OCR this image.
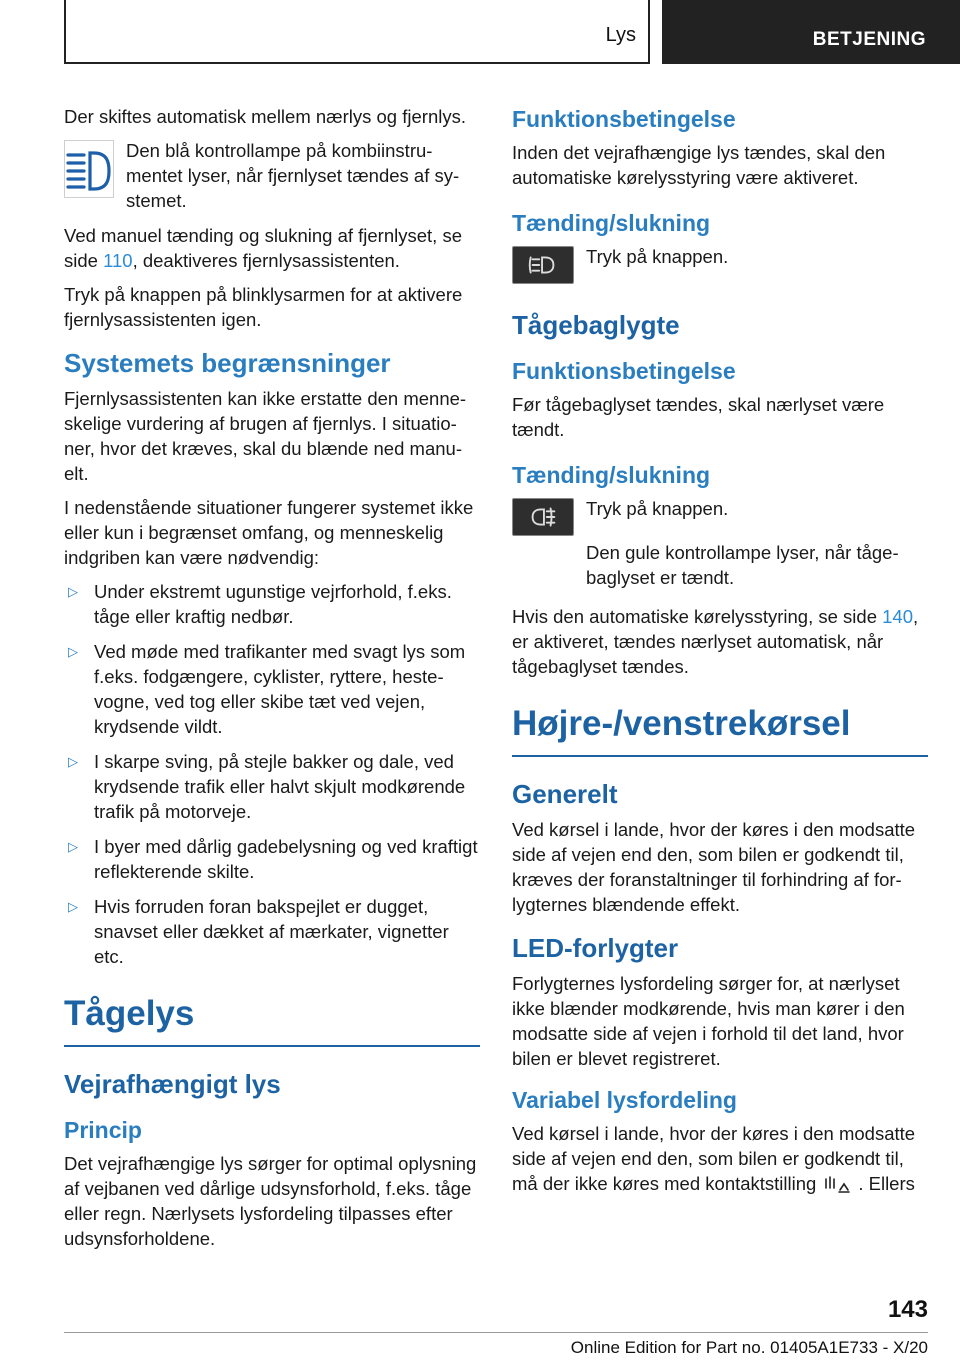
Lys	BETJENING

Der skiftes automatisk mellem nærlys og fjernlys.

Den blå kontrollampe på kombiinstrumentet lyser, når fjernlyset tændes af systemet.

Ved manuel tænding og slukning af fjernlyset, se side 110, deaktiveres fjernlysassistenten.

Tryk på knappen på blinklysarmen for at aktivere fjernlysassistenten igen.

Systemets begrænsninger

Fjernlysassistenten kan ikke erstatte den menneskelige vurdering af brugen af fjernlys. I situationer, hvor det kræves, skal du blænde ned manuelt.

I nedenstående situationer fungerer systemet ikke eller kun i begrænset omfang, og menneskelig indgriben kan være nødvendig:

▷ Under ekstremt ugunstige vejrforhold, f.eks. tåge eller kraftig nedbør.
▷ Ved møde med trafikanter med svagt lys som f.eks. fodgængere, cyklister, ryttere, hestevogne, ved tog eller skibe tæt ved vejen, krydsende vildt.
▷ I skarpe sving, på stejle bakker og dale, ved krydsende trafik eller halvt skjult modkørende trafik på motorveje.
▷ I byer med dårlig gadebelysning og ved kraftigt reflekterende skilte.
▷ Hvis forruden foran bakspejlet er dugget, snavset eller dækket af mærkater, vignetter etc.
Tågelys
Vejrafhængigt lys
Princip

Det vejrafhængige lys sørger for optimal oplysning af vejbanen ved dårlige udsynsforhold, f.eks. tåge eller regn. Nærlysets lysfordeling tilpasses efter udsynsforholdene.

Funktionsbetingelse

Inden det vejrafhængige lys tændes, skal den automatiske kørelysstyring være aktiveret.

Tænding/slukning
Tryk på knappen.
Tågebaglygte
Funktionsbetingelse

Før tågebaglyset tændes, skal nærlyset være tændt.

Tænding/slukning
Tryk på knappen.

Den gule kontrollampe lyser, når tågebaglyset er tændt.

Hvis den automatiske kørelysstyring, se side 140, er aktiveret, tændes nærlyset automatisk, når tågebaglyset tændes.

Højre-/venstrekørsel
Generelt

Ved kørsel i lande, hvor der køres i den modsatte side af vejen end den, som bilen er godkendt til, kræves der foranstaltninger til forhindring af forlygternes blændende effekt.

LED-forlygter

Forlygternes lysfordeling sørger for, at nærlyset ikke blænder modkørende, hvis man kører i den modsatte side af vejen i forhold til det land, hvor bilen er blevet registreret.

Variabel lysfordeling

Ved kørsel i lande, hvor der køres i den modsatte side af vejen end den, som bilen er godkendt til, må der ikke køres med kontaktstilling . Ellers

143
Online Edition for Part no. 01405A1E733 - X/20
